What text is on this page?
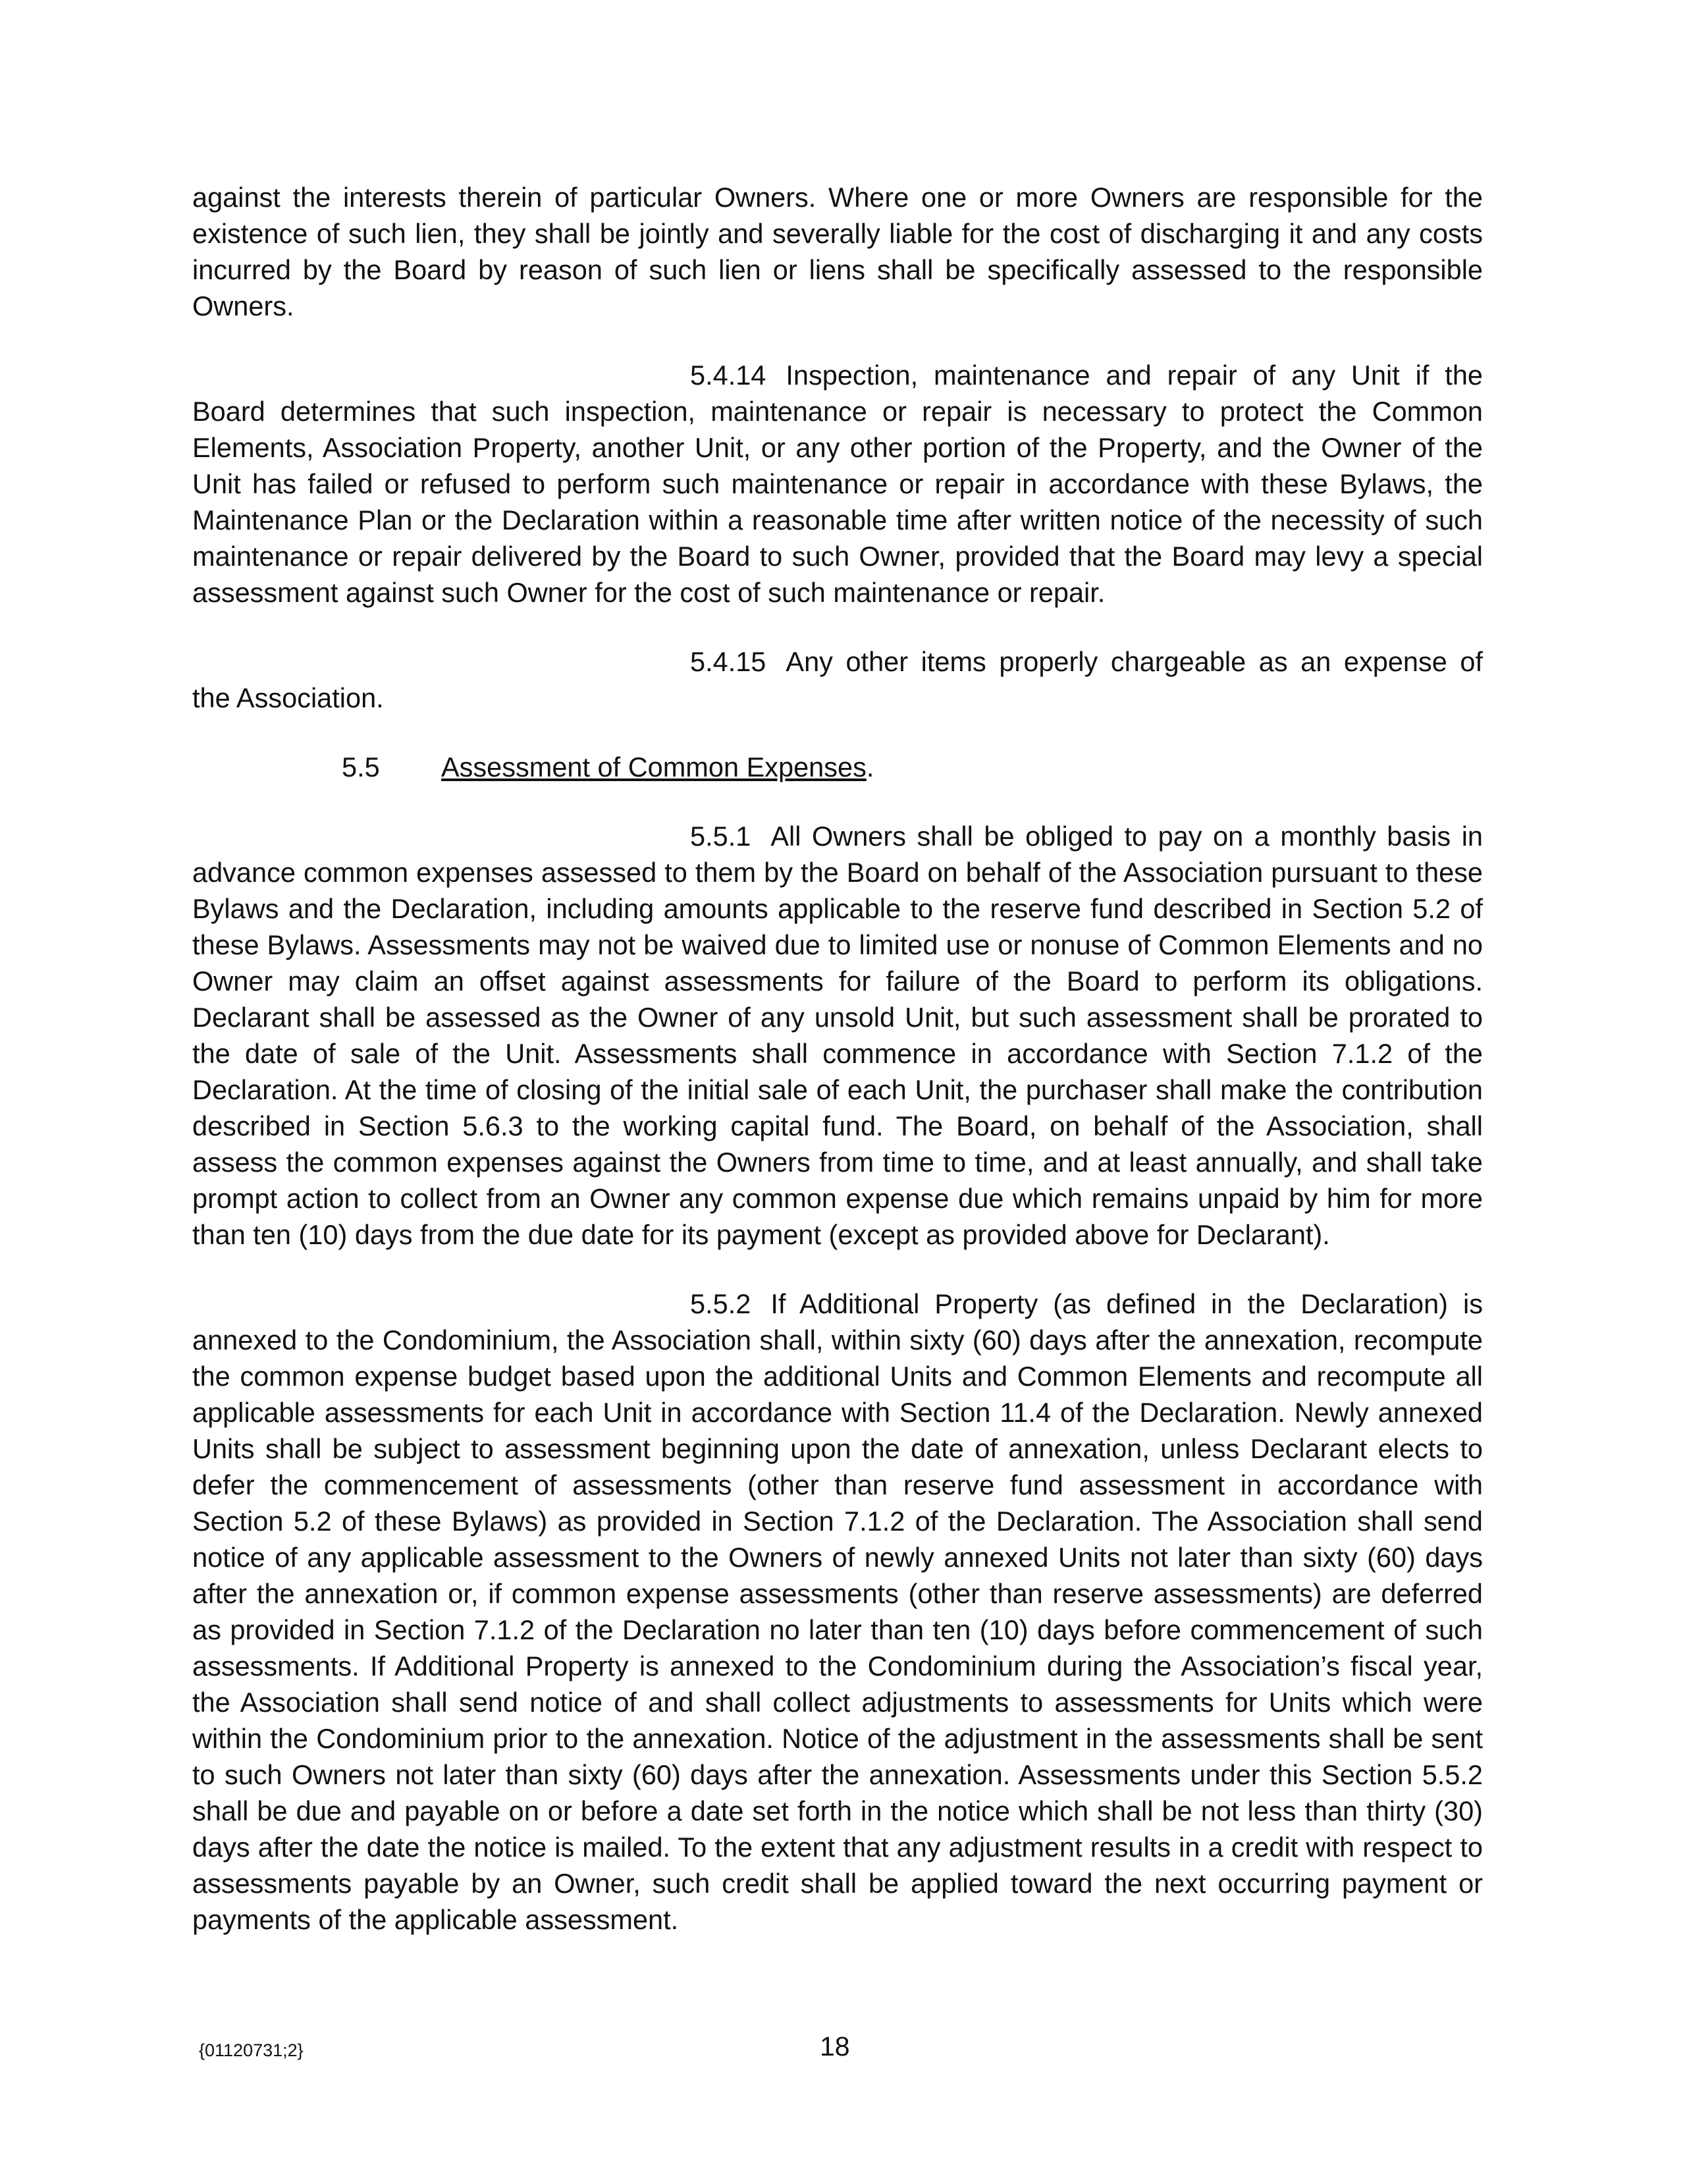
against the interests therein of particular Owners. Where one or more Owners are responsible for the existence of such lien, they shall be jointly and severally liable for the cost of discharging it and any costs incurred by the Board by reason of such lien or liens shall be specifically assessed to the responsible Owners.

5.4.14 Inspection, maintenance and repair of any Unit if the Board determines that such inspection, maintenance or repair is necessary to protect the Common Elements, Association Property, another Unit, or any other portion of the Property, and the Owner of the Unit has failed or refused to perform such maintenance or repair in accordance with these Bylaws, the Maintenance Plan or the Declaration within a reasonable time after written notice of the necessity of such maintenance or repair delivered by the Board to such Owner, provided that the Board may levy a special assessment against such Owner for the cost of such maintenance or repair.

5.4.15 Any other items properly chargeable as an expense of the Association.

5.5 Assessment of Common Expenses.

5.5.1 All Owners shall be obliged to pay on a monthly basis in advance common expenses assessed to them by the Board on behalf of the Association pursuant to these Bylaws and the Declaration, including amounts applicable to the reserve fund described in Section 5.2 of these Bylaws. Assessments may not be waived due to limited use or nonuse of Common Elements and no Owner may claim an offset against assessments for failure of the Board to perform its obligations. Declarant shall be assessed as the Owner of any unsold Unit, but such assessment shall be prorated to the date of sale of the Unit. Assessments shall commence in accordance with Section 7.1.2 of the Declaration. At the time of closing of the initial sale of each Unit, the purchaser shall make the contribution described in Section 5.6.3 to the working capital fund. The Board, on behalf of the Association, shall assess the common expenses against the Owners from time to time, and at least annually, and shall take prompt action to collect from an Owner any common expense due which remains unpaid by him for more than ten (10) days from the due date for its payment (except as provided above for Declarant).

5.5.2 If Additional Property (as defined in the Declaration) is annexed to the Condominium, the Association shall, within sixty (60) days after the annexation, recompute the common expense budget based upon the additional Units and Common Elements and recompute all applicable assessments for each Unit in accordance with Section 11.4 of the Declaration. Newly annexed Units shall be subject to assessment beginning upon the date of annexation, unless Declarant elects to defer the commencement of assessments (other than reserve fund assessment in accordance with Section 5.2 of these Bylaws) as provided in Section 7.1.2 of the Declaration. The Association shall send notice of any applicable assessment to the Owners of newly annexed Units not later than sixty (60) days after the annexation or, if common expense assessments (other than reserve assessments) are deferred as provided in Section 7.1.2 of the Declaration no later than ten (10) days before commencement of such assessments. If Additional Property is annexed to the Condominium during the Association’s fiscal year, the Association shall send notice of and shall collect adjustments to assessments for Units which were within the Condominium prior to the annexation. Notice of the adjustment in the assessments shall be sent to such Owners not later than sixty (60) days after the annexation. Assessments under this Section 5.5.2 shall be due and payable on or before a date set forth in the notice which shall be not less than thirty (30) days after the date the notice is mailed. To the extent that any adjustment results in a credit with respect to assessments payable by an Owner, such credit shall be applied toward the next occurring payment or payments of the applicable assessment.

{01120731;2}	18
